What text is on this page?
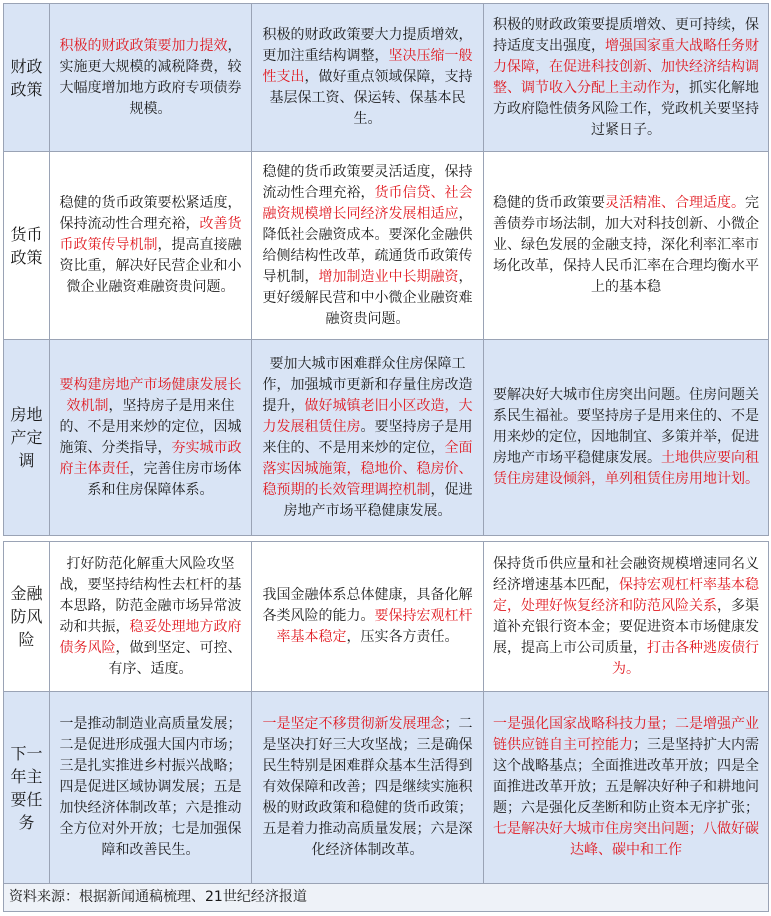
财政政策	积极的财政政策要加力提效，实施更大规模的减税降费，较大幅度增加地方政府专项债券规模。	积极的财政政策要大力提质增效，更加注重结构调整，坚决压缩一般性支出，做好重点领域保障，支持基层保工资、保运转、保基本民生。	积极的财政政策要提质增效、更可持续，保持适度支出强度，增强国家重大战略任务财力保障，在促进科技创新、加快经济结构调整、调节收入分配上主动作为，抓实化解地方政府隐性债务风险工作，党政机关要坚持过紧日子。
货币政策	稳健的货币政策要松紧适度，保持流动性合理充裕，改善货币政策传导机制，提高直接融资比重，解决好民营企业和小微企业融资难融资贵问题。	稳健的货币政策要灵活适度，保持流动性合理充裕，货币信贷、社会融资规模增长同经济发展相适应，降低社会融资成本。要深化金融供给侧结构性改革，疏通货币政策传导机制，增加制造业中长期融资，更好缓解民营和中小微企业融资难融资贵问题。	稳健的货币政策要灵活精准、合理适度。完善债券市场法制，加大对科技创新、小微企业、绿色发展的金融支持，深化利率汇率市场化改革，保持人民币汇率在合理均衡水平上的基本稳
房地产定调	要构建房地产市场健康发展长效机制，坚持房子是用来住的、不是用来炒的定位，因城施策、分类指导，夯实城市政府主体责任，完善住房市场体系和住房保障体系。	要加大城市困难群众住房保障工作，加强城市更新和存量住房改造提升，做好城镇老旧小区改造，大力发展租赁住房。要坚持房子是用来住的、不是用来炒的定位，全面落实因城施策，稳地价、稳房价、稳预期的长效管理调控机制，促进房地产市场平稳健康发展。	要解决好大城市住房突出问题。住房问题关系民生福祉。要坚持房子是用来住的、不是用来炒的定位，因地制宜、多策并举，促进房地产市场平稳健康发展。土地供应要向租赁住房建设倾斜，单列租赁住房用地计划。
金融防风险	打好防范化解重大风险攻坚战，要坚持结构性去杠杆的基本思路，防范金融市场异常波动和共振，稳妥处理地方政府债务风险，做到坚定、可控、有序、适度。	我国金融体系总体健康，具备化解各类风险的能力。要保持宏观杠杆率基本稳定，压实各方责任。	保持货币供应量和社会融资规模增速同名义经济增速基本匹配，保持宏观杠杆率基本稳定，处理好恢复经济和防范风险关系，多渠道补充银行资本金；要促进资本市场健康发展，提高上市公司质量，打击各种逃废债行为。
下一年主要任务	一是推动制造业高质量发展；二是促进形成强大国内市场；三是扎实推进乡村振兴战略；四是促进区域协调发展；五是加快经济体制改革；六是推动全方位对外开放；七是加强保障和改善民生。	一是坚定不移贯彻新发展理念；二是坚决打好三大攻坚战；三是确保民生特别是困难群众基本生活得到有效保障和改善；四是继续实施积极的财政政策和稳健的货币政策；五是着力推动高质量发展；六是深化经济体制改革。	一是强化国家战略科技力量；二是增强产业链供应链自主可控能力；三是坚持扩大内需这个战略基点；全面推进改革开放；四是全面推进改革开放；五是解决好种子和耕地问题；六是强化反垄断和防止资本无序扩张；七是解决好大城市住房突出问题；八做好碳达峰、碳中和工作
资料来源：根据新闻通稿梳理、21世纪经济报道			
